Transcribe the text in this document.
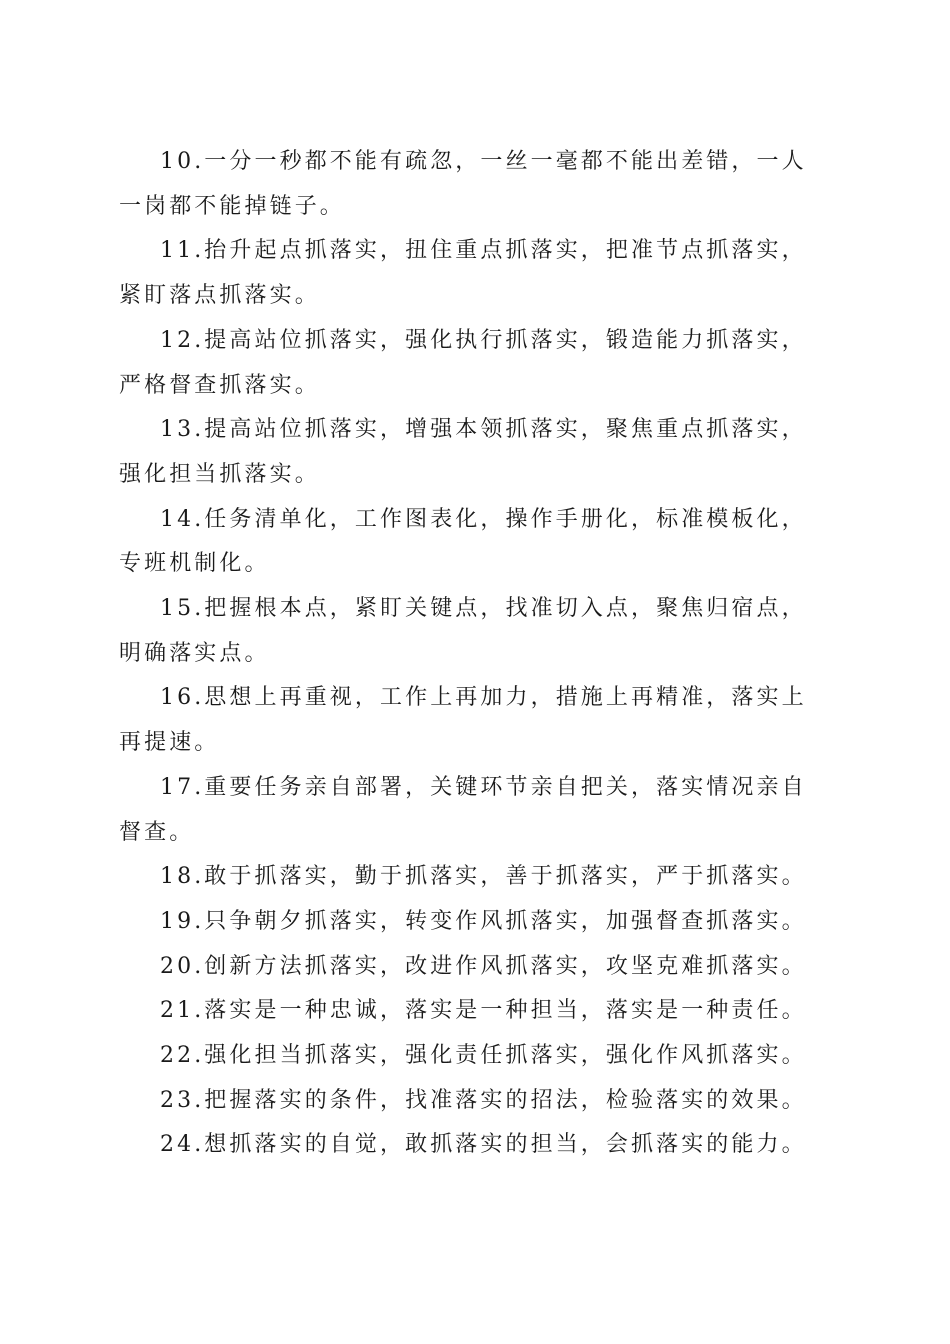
10.一分一秒都不能有疏忽，一丝一毫都不能出差错，一人一岗都不能掉链子。

11.抬升起点抓落实，扭住重点抓落实，把准节点抓落实，紧盯落点抓落实。

12.提高站位抓落实，强化执行抓落实，锻造能力抓落实，严格督查抓落实。

13.提高站位抓落实，增强本领抓落实，聚焦重点抓落实，强化担当抓落实。

14.任务清单化，工作图表化，操作手册化，标准模板化，专班机制化。

15.把握根本点，紧盯关键点，找准切入点，聚焦归宿点，明确落实点。

16.思想上再重视，工作上再加力，措施上再精准，落实上再提速。

17.重要任务亲自部署，关键环节亲自把关，落实情况亲自督查。

18.敢于抓落实，勤于抓落实，善于抓落实，严于抓落实。

19.只争朝夕抓落实，转变作风抓落实，加强督查抓落实。

20.创新方法抓落实，改进作风抓落实，攻坚克难抓落实。

21.落实是一种忠诚，落实是一种担当，落实是一种责任。

22.强化担当抓落实，强化责任抓落实，强化作风抓落实。

23.把握落实的条件，找准落实的招法，检验落实的效果。

24.想抓落实的自觉，敢抓落实的担当，会抓落实的能力。
